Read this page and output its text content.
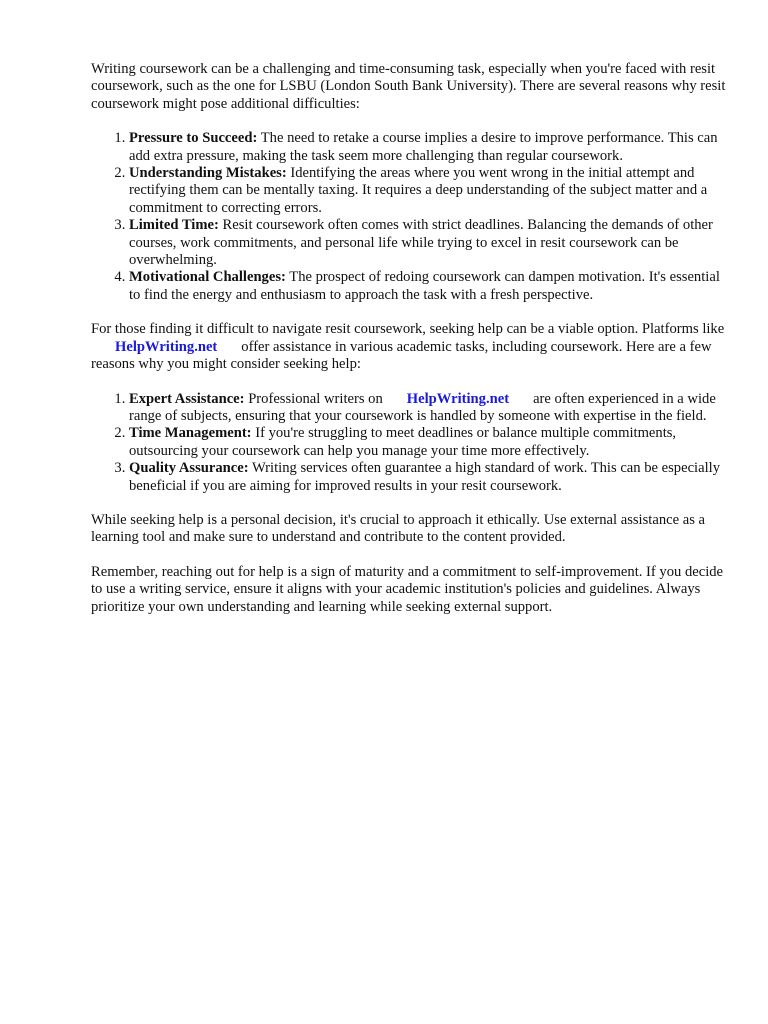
Writing coursework can be a challenging and time-consuming task, especially when you're faced with resit coursework, such as the one for LSBU (London South Bank University). There are several reasons why resit coursework might pose additional difficulties:

1. Pressure to Succeed: The need to retake a course implies a desire to improve performance. This can add extra pressure, making the task seem more challenging than regular coursework.
2. Understanding Mistakes: Identifying the areas where you went wrong in the initial attempt and rectifying them can be mentally taxing. It requires a deep understanding of the subject matter and a commitment to correcting errors.
3. Limited Time: Resit coursework often comes with strict deadlines. Balancing the demands of other courses, work commitments, and personal life while trying to excel in resit coursework can be overwhelming.
4. Motivational Challenges: The prospect of redoing coursework can dampen motivation. It's essential to find the energy and enthusiasm to approach the task with a fresh perspective.

For those finding it difficult to navigate resit coursework, seeking help can be a viable option. Platforms likeHelpWriting.net offer assistance in various academic tasks, including coursework. Here are a few reasons why you might consider seeking help:

1. Expert Assistance: Professional writers on HelpWriting.net are often experienced in a wide range of subjects, ensuring that your coursework is handled by someone with expertise in the field.
2. Time Management: If you're struggling to meet deadlines or balance multiple commitments, outsourcing your coursework can help you manage your time more effectively.
3. Quality Assurance: Writing services often guarantee a high standard of work. This can be especially beneficial if you are aiming for improved results in your resit coursework.

While seeking help is a personal decision, it's crucial to approach it ethically. Use external assistance as a learning tool and make sure to understand and contribute to the content provided.

Remember, reaching out for help is a sign of maturity and a commitment to self-improvement. If you decide to use a writing service, ensure it aligns with your academic institution's policies and guidelines. Always prioritize your own understanding and learning while seeking external support.
